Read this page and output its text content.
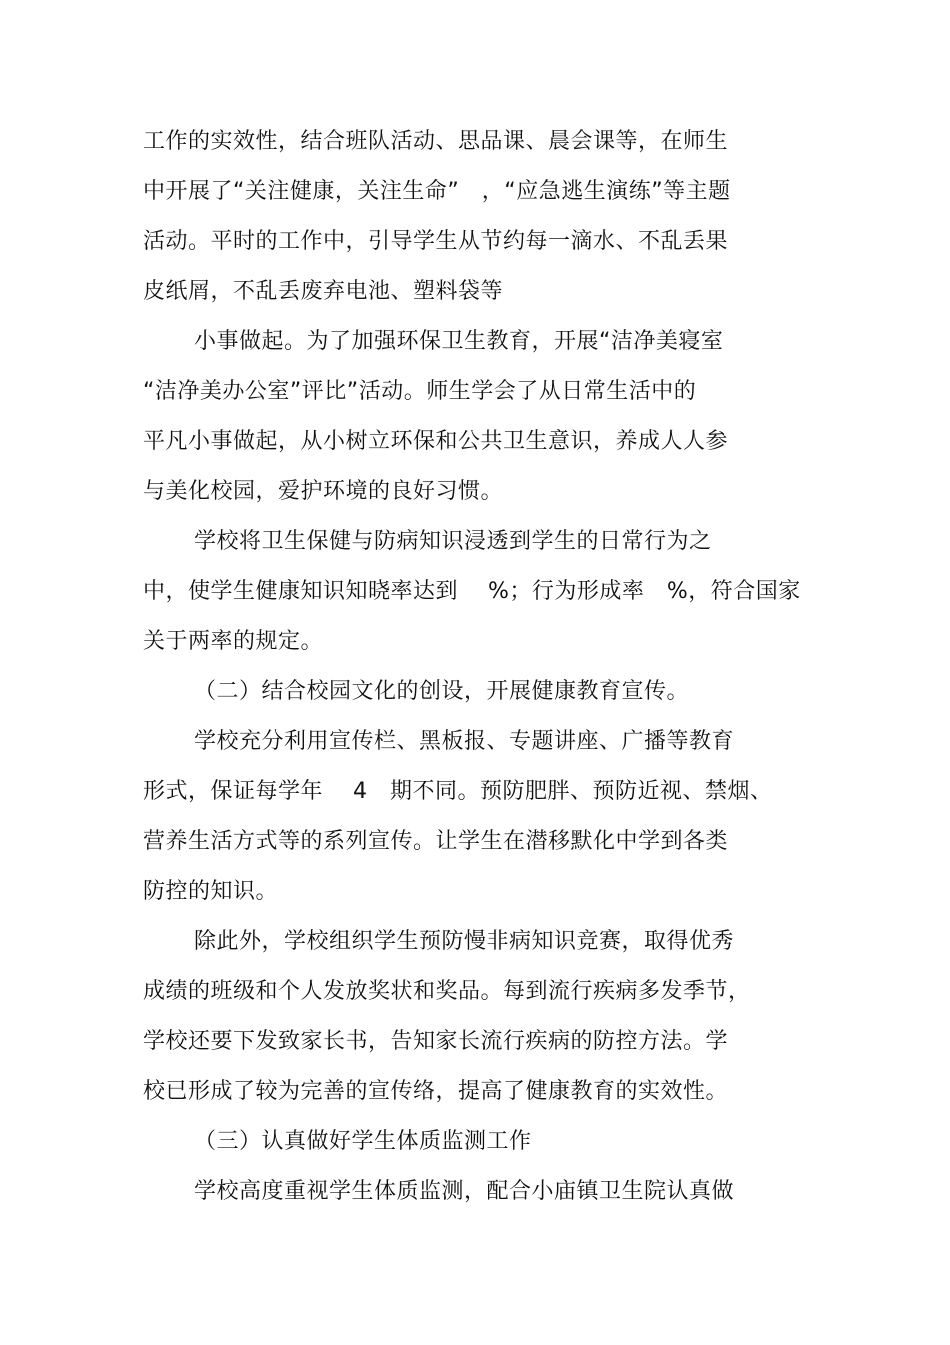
工作的实效性，结合班队活动、思品课、晨会课等，在师生
中开展了“关注健康，关注生命”　，“应急逃生演练”等主题
活动。平时的工作中，引导学生从节约每一滴水、不乱丢果
皮纸屑，不乱丢废弃电池、塑料袋等
小事做起。为了加强环保卫生教育，开展“洁净美寝室
“洁净美办公室”评比”活动。师生学会了从日常生活中的
平凡小事做起，从小树立环保和公共卫生意识，养成人人参
与美化校园，爱护环境的良好习惯。
学校将卫生保健与防病知识浸透到学生的日常行为之
中，使学生健康知识知晓率达到　 %；行为形成率　%，符合国家
关于两率的规定。
（二）结合校园文化的创设，开展健康教育宣传。
学校充分利用宣传栏、黑板报、专题讲座、广播等教育
形式，保证每学年　 4　期不同。预防肥胖、预防近视、禁烟、
营养生活方式等的系列宣传。让学生在潜移默化中学到各类
防控的知识。
除此外，学校组织学生预防慢非病知识竞赛，取得优秀
成绩的班级和个人发放奖状和奖品。每到流行疾病多发季节，
学校还要下发致家长书，告知家长流行疾病的防控方法。学
校已形成了较为完善的宣传络，提高了健康教育的实效性。
（三）认真做好学生体质监测工作
学校高度重视学生体质监测，配合小庙镇卫生院认真做
